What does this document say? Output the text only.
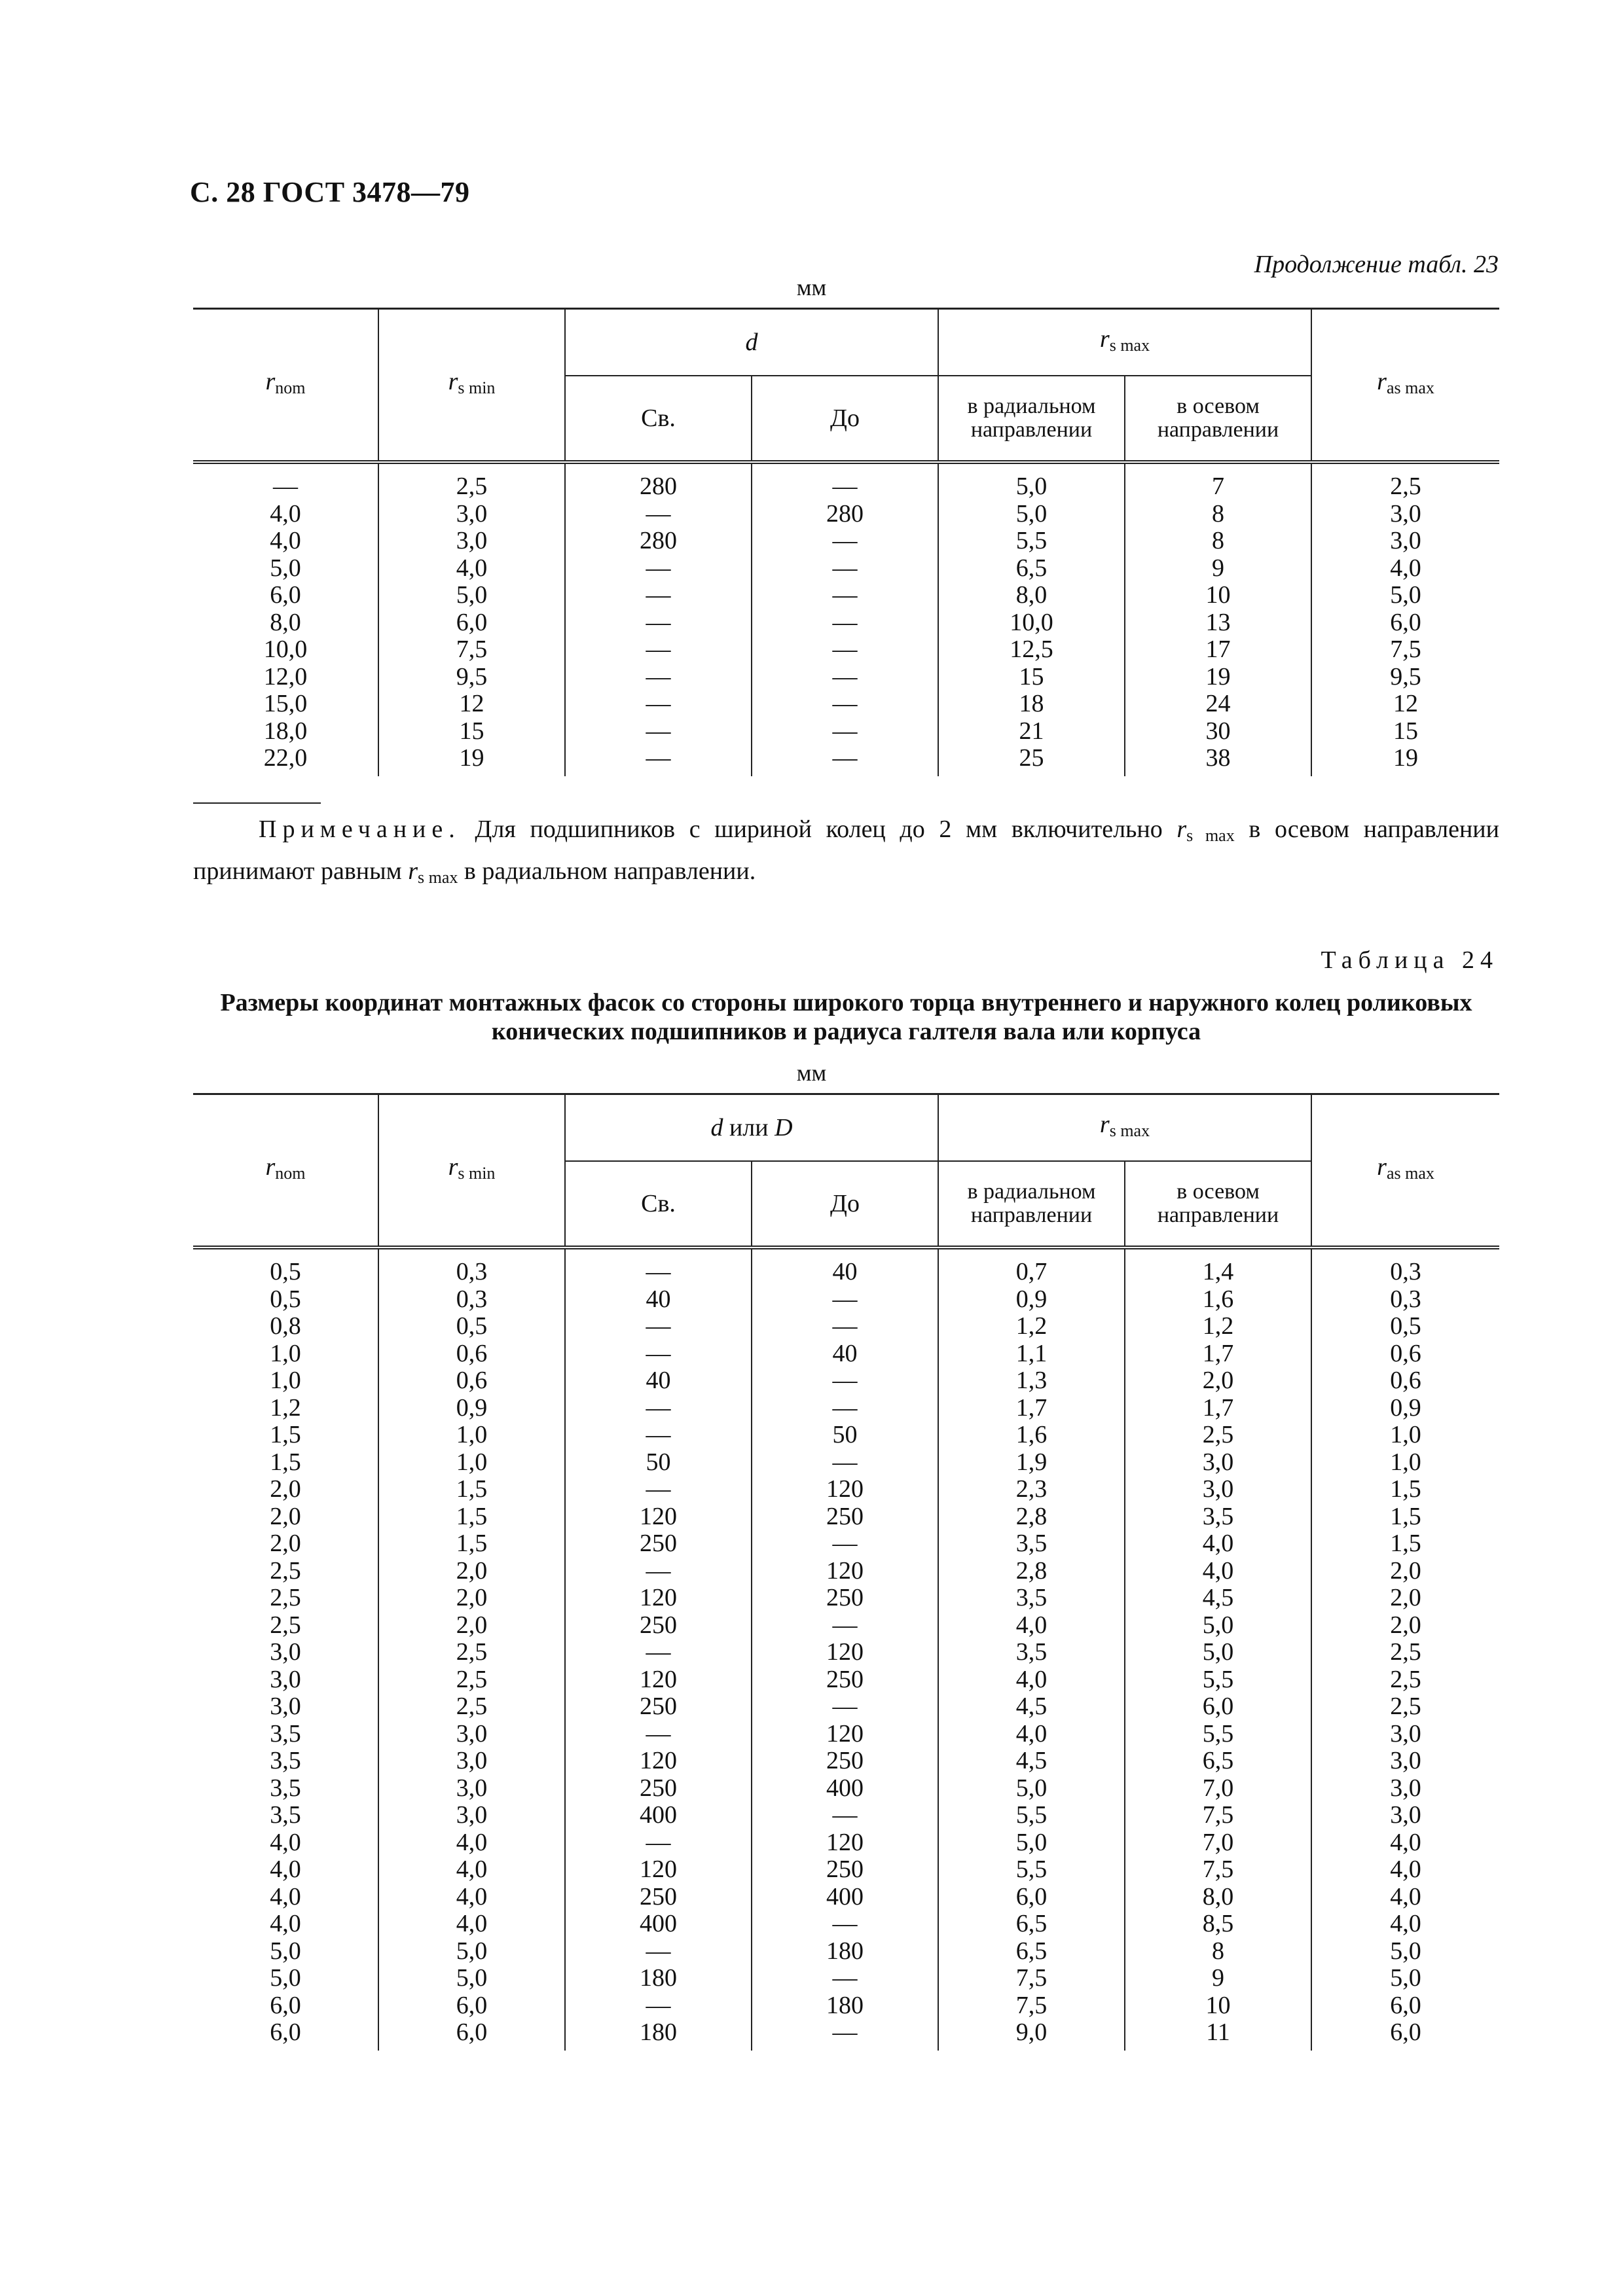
С. 28 ГОСТ 3478—79
Продолжение табл. 23
мм
$r_{nom}$	$r_{s min}$	d		$r_{s max}$		$r_{as max}$
		Св.	До	в радиальном направлении	в осевом направлении	
—	2,5	280	—	5,0	7	2,5
4,0	3,0	—	280	5,0	8	3,0
4,0	3,0	280	—	5,5	8	3,0
5,0	4,0	—	—	6,5	9	4,0
6,0	5,0	—	—	8,0	10	5,0
8,0	6,0	—	—	10,0	13	6,0
10,0	7,5	—	—	12,5	17	7,5
12,0	9,5	—	—	15	19	9,5
15,0	12	—	—	18	24	12
18,0	15	—	—	21	30	15
22,0	19	—	—	25	38	19
Примечание. Для подшипников с шириной колец до 2 мм включительно $r_{s max}$ в осевом направлении принимают равным $r_{s max}$ в радиальном направлении.
Таблица 24
Размеры координат монтажных фасок со стороны широкого торца внутреннего и наружного колец роликовых конических подшипников и радиуса галтеля вала или корпуса
мм
$r_{nom}$	$r_{s min}$	d или D		$r_{s max}$		$r_{as max}$
		Св.	До	в радиальном направлении	в осевом направлении	
0,5	0,3	—	40	0,7	1,4	0,3
0,5	0,3	40	—	0,9	1,6	0,3
0,8	0,5	—	—	1,2	1,2	0,5
1,0	0,6	—	40	1,1	1,7	0,6
1,0	0,6	40	—	1,3	2,0	0,6
1,2	0,9	—	—	1,7	1,7	0,9
1,5	1,0	—	50	1,6	2,5	1,0
1,5	1,0	50	—	1,9	3,0	1,0
2,0	1,5	—	120	2,3	3,0	1,5
2,0	1,5	120	250	2,8	3,5	1,5
2,0	1,5	250	—	3,5	4,0	1,5
2,5	2,0	—	120	2,8	4,0	2,0
2,5	2,0	120	250	3,5	4,5	2,0
2,5	2,0	250	—	4,0	5,0	2,0
3,0	2,5	—	120	3,5	5,0	2,5
3,0	2,5	120	250	4,0	5,5	2,5
3,0	2,5	250	—	4,5	6,0	2,5
3,5	3,0	—	120	4,0	5,5	3,0
3,5	3,0	120	250	4,5	6,5	3,0
3,5	3,0	250	400	5,0	7,0	3,0
3,5	3,0	400	—	5,5	7,5	3,0
4,0	4,0	—	120	5,0	7,0	4,0
4,0	4,0	120	250	5,5	7,5	4,0
4,0	4,0	250	400	6,0	8,0	4,0
4,0	4,0	400	—	6,5	8,5	4,0
5,0	5,0	—	180	6,5	8	5,0
5,0	5,0	180	—	7,5	9	5,0
6,0	6,0	—	180	7,5	10	6,0
6,0	6,0	180	—	9,0	11	6,0
